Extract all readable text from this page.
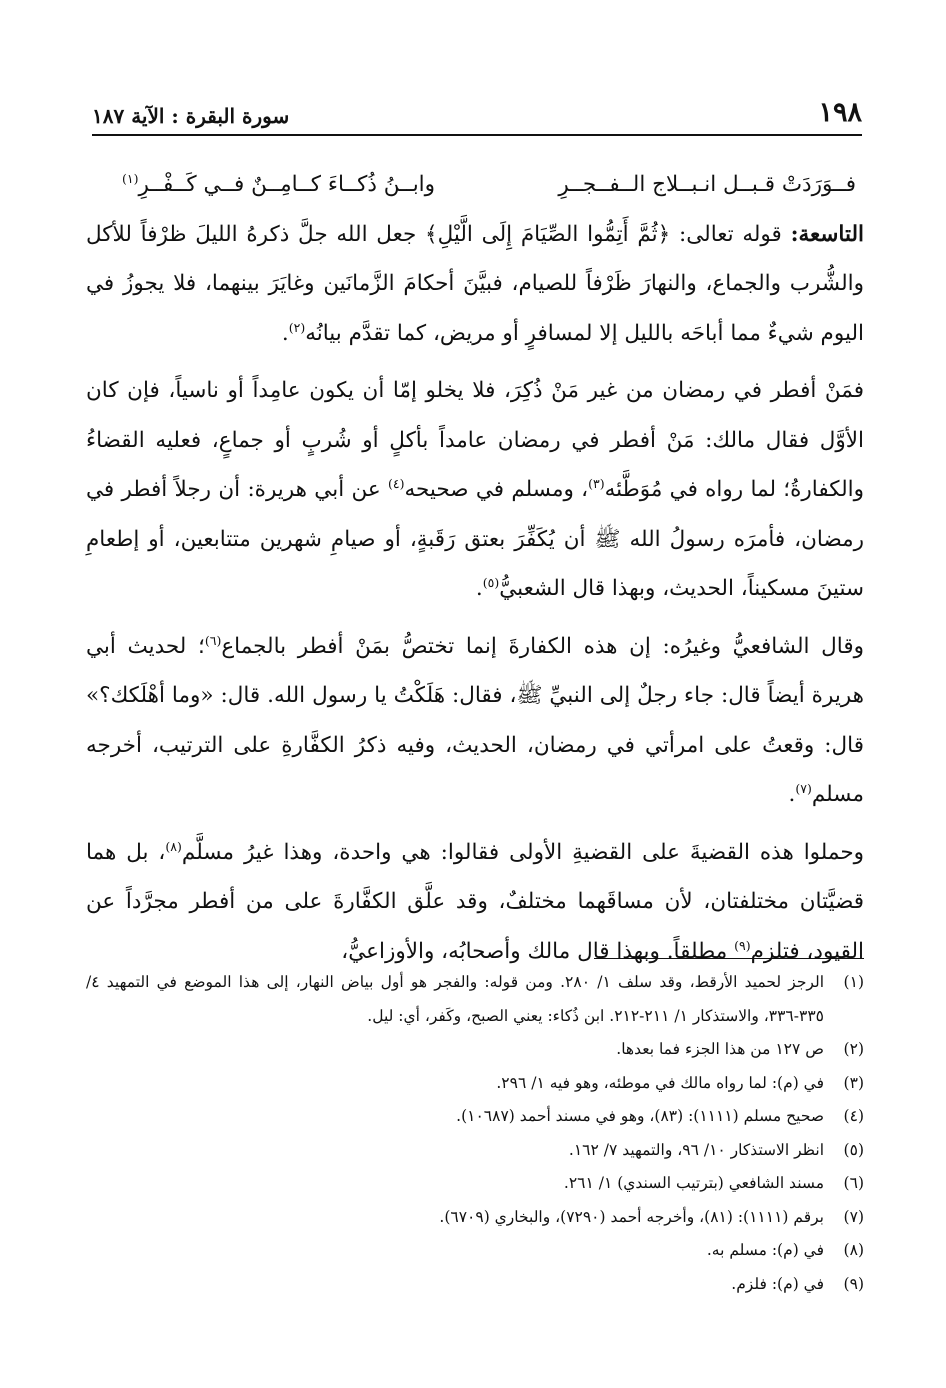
١٩٨
سورة البقرة : الآية ١٨٧
فــوَرَدَتْ قـبــل انـبــلاج الــفــجــرِ
وابــنُ ذُكــاءَ كــامِــنٌ فــي كَــفْــرِ$^{(١)}$

التاسعة: قوله تعالى: ﴿ثُمَّ أَتِمُّوا الصِّيَامَ إِلَى الَّيْلِ﴾ جعل الله جلَّ ذكرهُ الليلَ ظرْفاً للأكل والشُّرب والجماع، والنهارَ ظَرْفاً للصيام، فبيَّنَ أحكامَ الزَّمانَين وغايَرَ بينهما، فلا يجوزُ في اليوم شيءٌ مما أباحَه بالليل إلا لمسافرٍ أو مريض، كما تقدَّم بيانُه$^{(٢)}$.

فمَنْ أفطر في رمضان من غير مَنْ ذُكِرَ، فلا يخلو إمّا أن يكون عامِداً أو ناسياً، فإن كان الأوَّل فقال مالك: مَنْ أفطر في رمضان عامداً بأكلٍ أو شُربٍ أو جماعٍ، فعليه القضاءُ والكفارةُ؛ لما رواه في مُوَطَّئه$^{(٣)}$، ومسلم في صحيحه$^{(٤)}$ عن أبي هريرة: أن رجلاً أفطر في رمضان، فأمرَه رسولُ الله ﷺ أن يُكَفِّرَ بعتق رَقَبةٍ، أو صيامِ شهرين متتابعين، أو إطعامِ ستينَ مسكيناً، الحديث، وبهذا قال الشعبيُّ$^{(٥)}$.

وقال الشافعيُّ وغيرُه: إن هذه الكفارةَ إنما تختصُّ بمَنْ أفطر بالجماع$^{(٦)}$؛ لحديث أبي هريرة أيضاً قال: جاء رجلٌ إلى النبيِّ ﷺ، فقال: هَلَكْتُ يا رسول الله. قال: «وما أهْلَكك؟» قال: وقعتُ على امرأتي في رمضان، الحديث، وفيه ذكرُ الكفَّارةِ على الترتيب، أخرجه مسلم$^{(٧)}$.

وحملوا هذه القضيةَ على القضيةِ الأولى فقالوا: هي واحدة، وهذا غيرُ مسلَّم$^{(٨)}$، بل هما قضيَّتان مختلفتان، لأن مساقَهما مختلفٌ، وقد علَّق الكفَّارةَ على من أفطر مجرَّداً عن القيود، فتلزم$^{(٩)}$ مطلقاً. وبهذا قال مالك وأصحابُه، والأوزاعيُّ،

(١)
الرجز لحميد الأرقط، وقد سلف ١/ ٢٨٠. ومن قوله: والفجر هو أول بياض النهار، إلى هذا الموضع في التمهيد ٤/ ٣٣٥-٣٣٦، والاستذكار ١/ ٢١١-٢١٢. ابن ذُكاء: يعني الصبح، وكَفر، أي: ليل.
(٢)
ص ١٢٧ من هذا الجزء فما بعدها.
(٣)
في (م): لما رواه مالك في موطئه، وهو فيه ١/ ٢٩٦.
(٤)
صحيح مسلم (١١١١): (٨٣)، وهو في مسند أحمد (١٠٦٨٧).
(٥)
انظر الاستذكار ١٠/ ٩٦، والتمهيد ٧/ ١٦٢.
(٦)
مسند الشافعي (بترتيب السندي) ١/ ٢٦١.
(٧)
برقم (١١١١): (٨١)، وأخرجه أحمد (٧٢٩٠)، والبخاري (٦٧٠٩).
(٨)
في (م): مسلم به.
(٩)
في (م): فلزم.
